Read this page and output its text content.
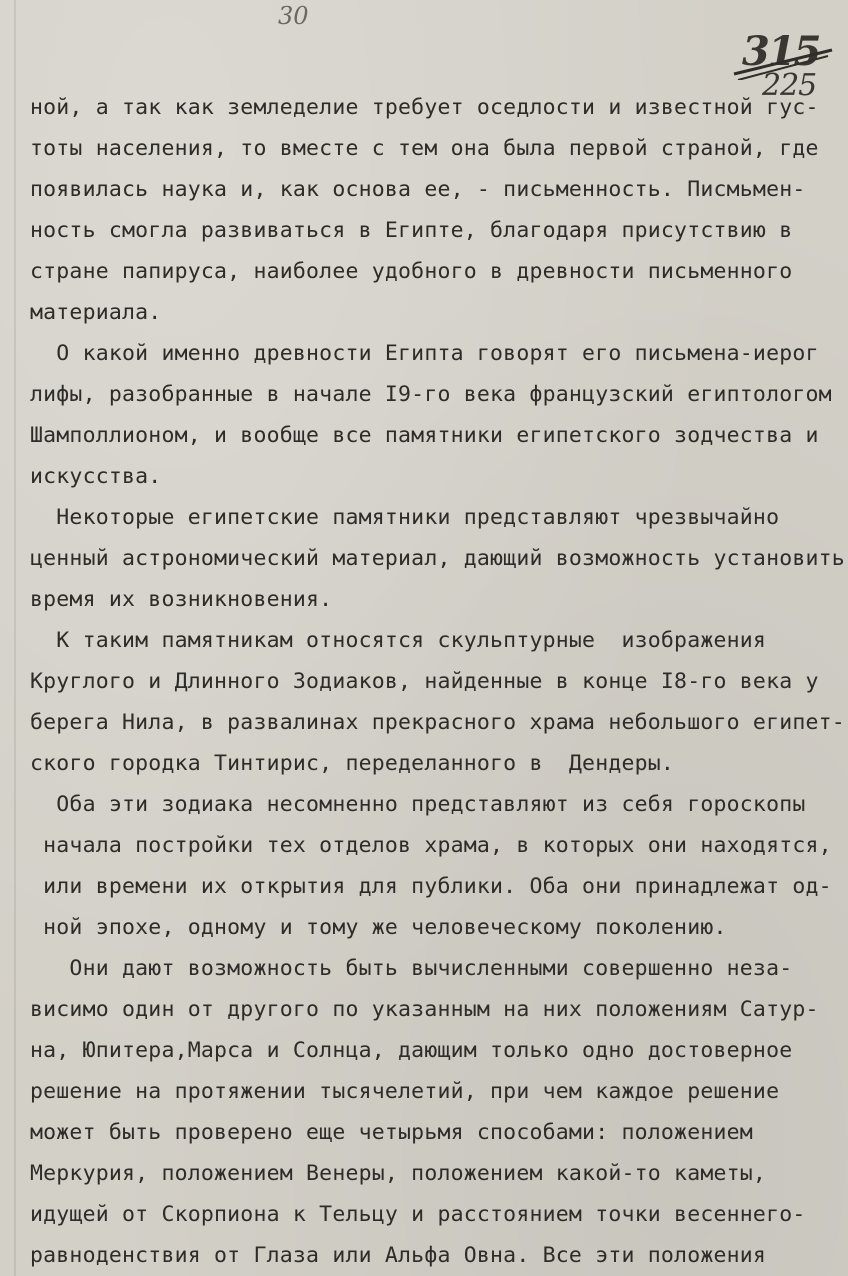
30
315
225
ной, а так как земледелие требует оседлости и известной гус-
тоты населения, то вместе с тем она была первой страной, где
появилась наука и, как основа ее, - письменность. Писмьмен-
ность смогла развиваться в Египте, благодаря присутствию в
стране папируса, наиболее удобного в древности письменного
материала.
О какой именно древности Египта говорят его письмена-иерог
лифы, разобранные в начале I9-го века французский египтологом
Шамполлионом, и вообще все памятники египетского зодчества и
искусства.
Некоторые египетские памятники представляют чрезвычайно
ценный астрономический материал, дающий возможность установить
время их возникновения.
К таким памятникам относятся скульптурные  изображения
Круглого и Длинного Зодиаков, найденные в конце I8-го века у
берега Нила, в развалинах прекрасного храма небольшого египет-
ского городка Тинтирис, переделанного в  Дендеры.
Оба эти зодиака несомненно представляют из себя гороскопы
начала постройки тех отделов храма, в которых они находятся,
или времени их открытия для публики. Оба они принадлежат од-
ной эпохе, одному и тому же человеческому поколению.
Они дают возможность быть вычисленными совершенно неза-
висимо один от другого по указанным на них положениям Сатур-
на, Юпитера,Марса и Солнца, дающим только одно достоверное
решение на протяжении тысячелетий, при чем каждое решение
может быть проверено еще четырьмя способами: положением
Меркурия, положением Венеры, положением какой-то каметы,
идущей от Скорпиона к Тельцу и расстоянием точки весеннего-
равноденствия от Глаза или Альфа Овна. Все эти положения
